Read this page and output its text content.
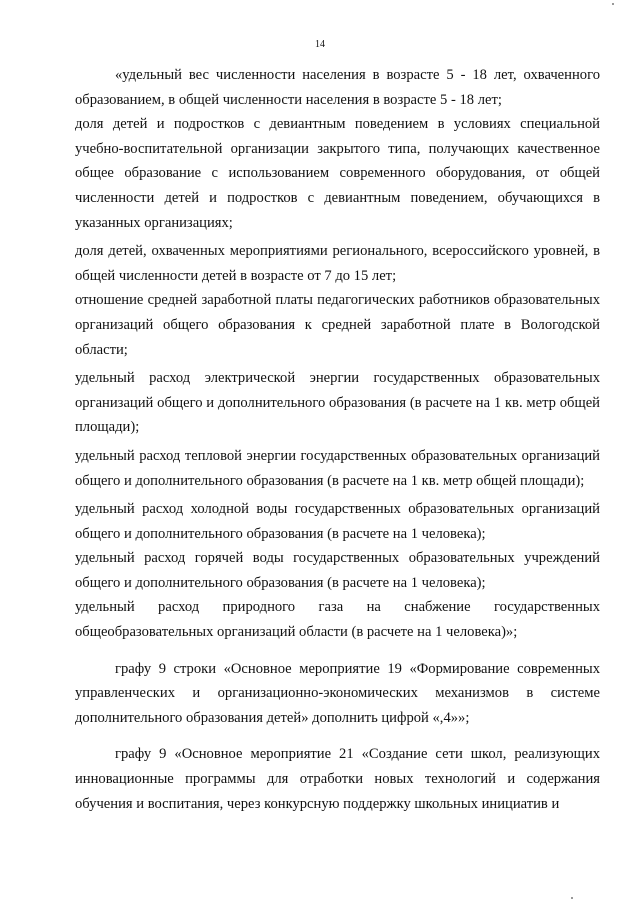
14

«удельный вес численности населения в возрасте 5 - 18 лет, охваченного образованием, в общей численности населения в возрасте 5 - 18 лет;

доля детей и подростков с девиантным поведением в условиях специальной учебно-воспитательной организации закрытого типа, получающих качественное общее образование с использованием современного оборудования, от общей численности детей и подростков с девиантным поведением, обучающихся в указанных организациях;

доля детей, охваченных мероприятиями регионального, всероссийского уровней, в общей численности детей в возрасте от 7 до 15 лет;

отношение средней заработной платы педагогических работников образовательных организаций общего образования к средней заработной плате в Вологодской области;

удельный расход электрической энергии государственных образовательных организаций общего и дополнительного образования (в расчете на 1 кв. метр общей площади);

удельный расход тепловой энергии государственных образовательных организаций общего и дополнительного образования (в расчете на 1 кв. метр общей площади);

удельный расход холодной воды государственных образовательных организаций общего и дополнительного образования (в расчете на 1 человека);

удельный расход горячей воды государственных образовательных учреждений общего и дополнительного образования (в расчете на 1 человека);

удельный расход природного газа на снабжение государственных общеобразовательных организаций области (в расчете на 1 человека)»;

графу 9 строки «Основное мероприятие 19 «Формирование современных управленческих и организационно-экономических механизмов в системе дополнительного образования детей» дополнить цифрой «,4»»;

графу 9 «Основное мероприятие 21 «Создание сети школ, реализующих инновационные программы для отработки новых технологий и содержания обучения и воспитания, через конкурсную поддержку школьных инициатив и
